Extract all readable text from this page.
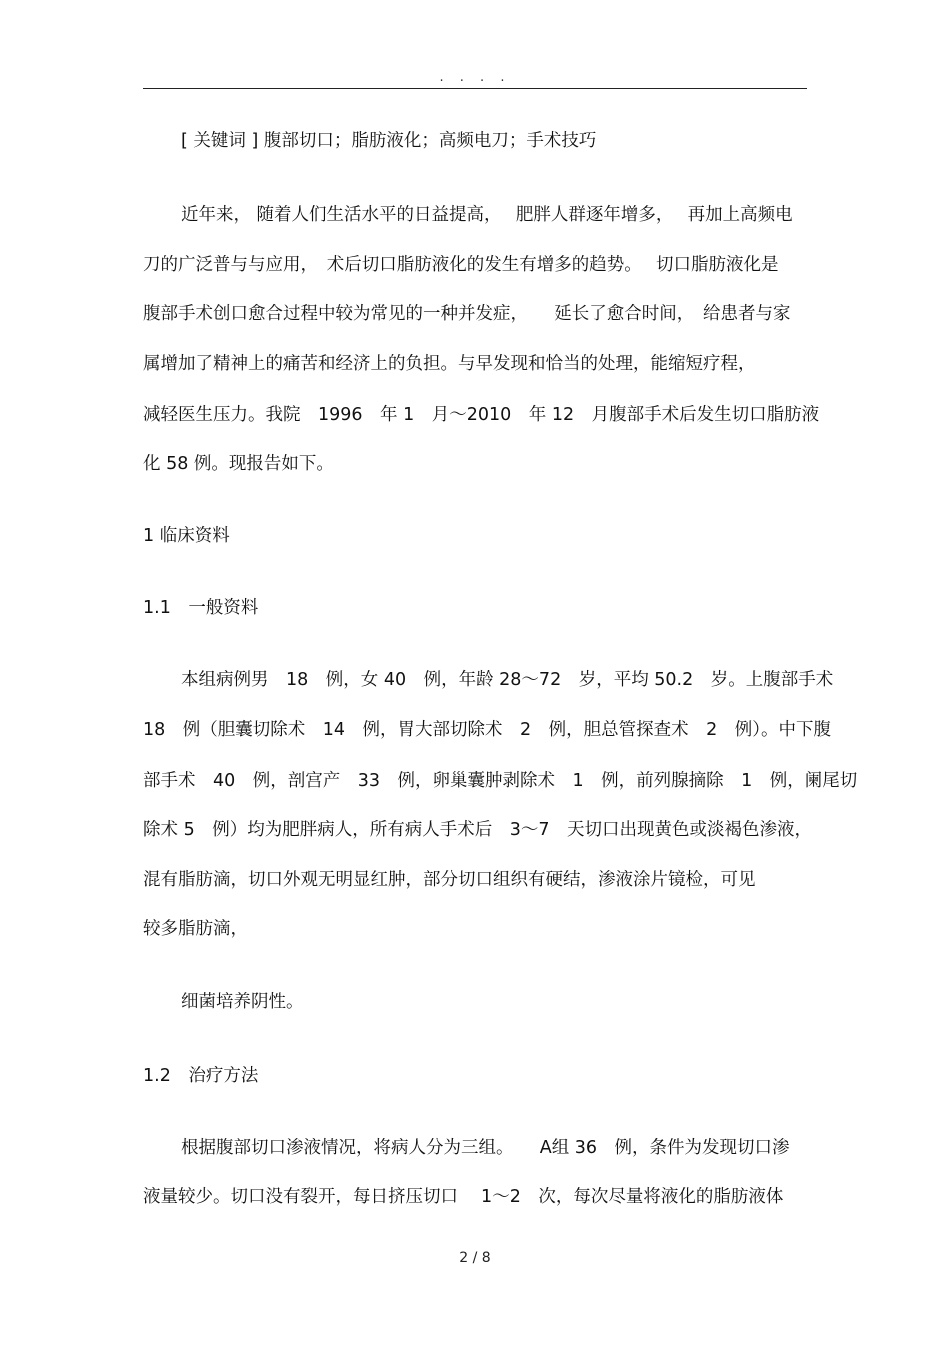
. . . .
[ 关键词 ] 腹部切口；脂肪液化；高频电刀；手术技巧
近年来， 随着人们生活水平的日益提高，　 肥胖人群逐年增多，　 再加上高频电
刀的广泛普与与应用，　术后切口脂肪液化的发生有增多的趋势。　 切口脂肪液化是
腹部手术创口愈合过程中较为常见的一种并发症，　　延长了愈合时间，　给患者与家
属增加了精神上的痛苦和经济上的负担。与早发现和恰当的处理，能缩短疗程，
减轻医生压力。我院　1996　年 1　月～2010　年 12　月腹部手术后发生切口脂肪液
化 58 例。现报告如下。
1 临床资料
1.1　一般资料
本组病例男　18　例，女 40　例，年龄 28～72　岁，平均 50.2　岁。上腹部手术
18　例（胆囊切除术　14　例，胃大部切除术　2　例，胆总管探查术　2　例）。中下腹
部手术　40　例，剖宫产　33　例，卵巢囊肿剥除术　1　例，前列腺摘除　1　例，阑尾切
除术 5　例）均为肥胖病人，所有病人手术后　3～7　天切口出现黄色或淡褐色渗液，
混有脂肪滴，切口外观无明显红肿，部分切口组织有硬结，渗液涂片镜检，可见
较多脂肪滴，
细菌培养阴性。
1.2　治疗方法
根据腹部切口渗液情况，将病人分为三组。　　A组 36　例，条件为发现切口渗
液量较少。切口没有裂开，每日挤压切口　 1～2　次，每次尽量将液化的脂肪液体
2 / 8
